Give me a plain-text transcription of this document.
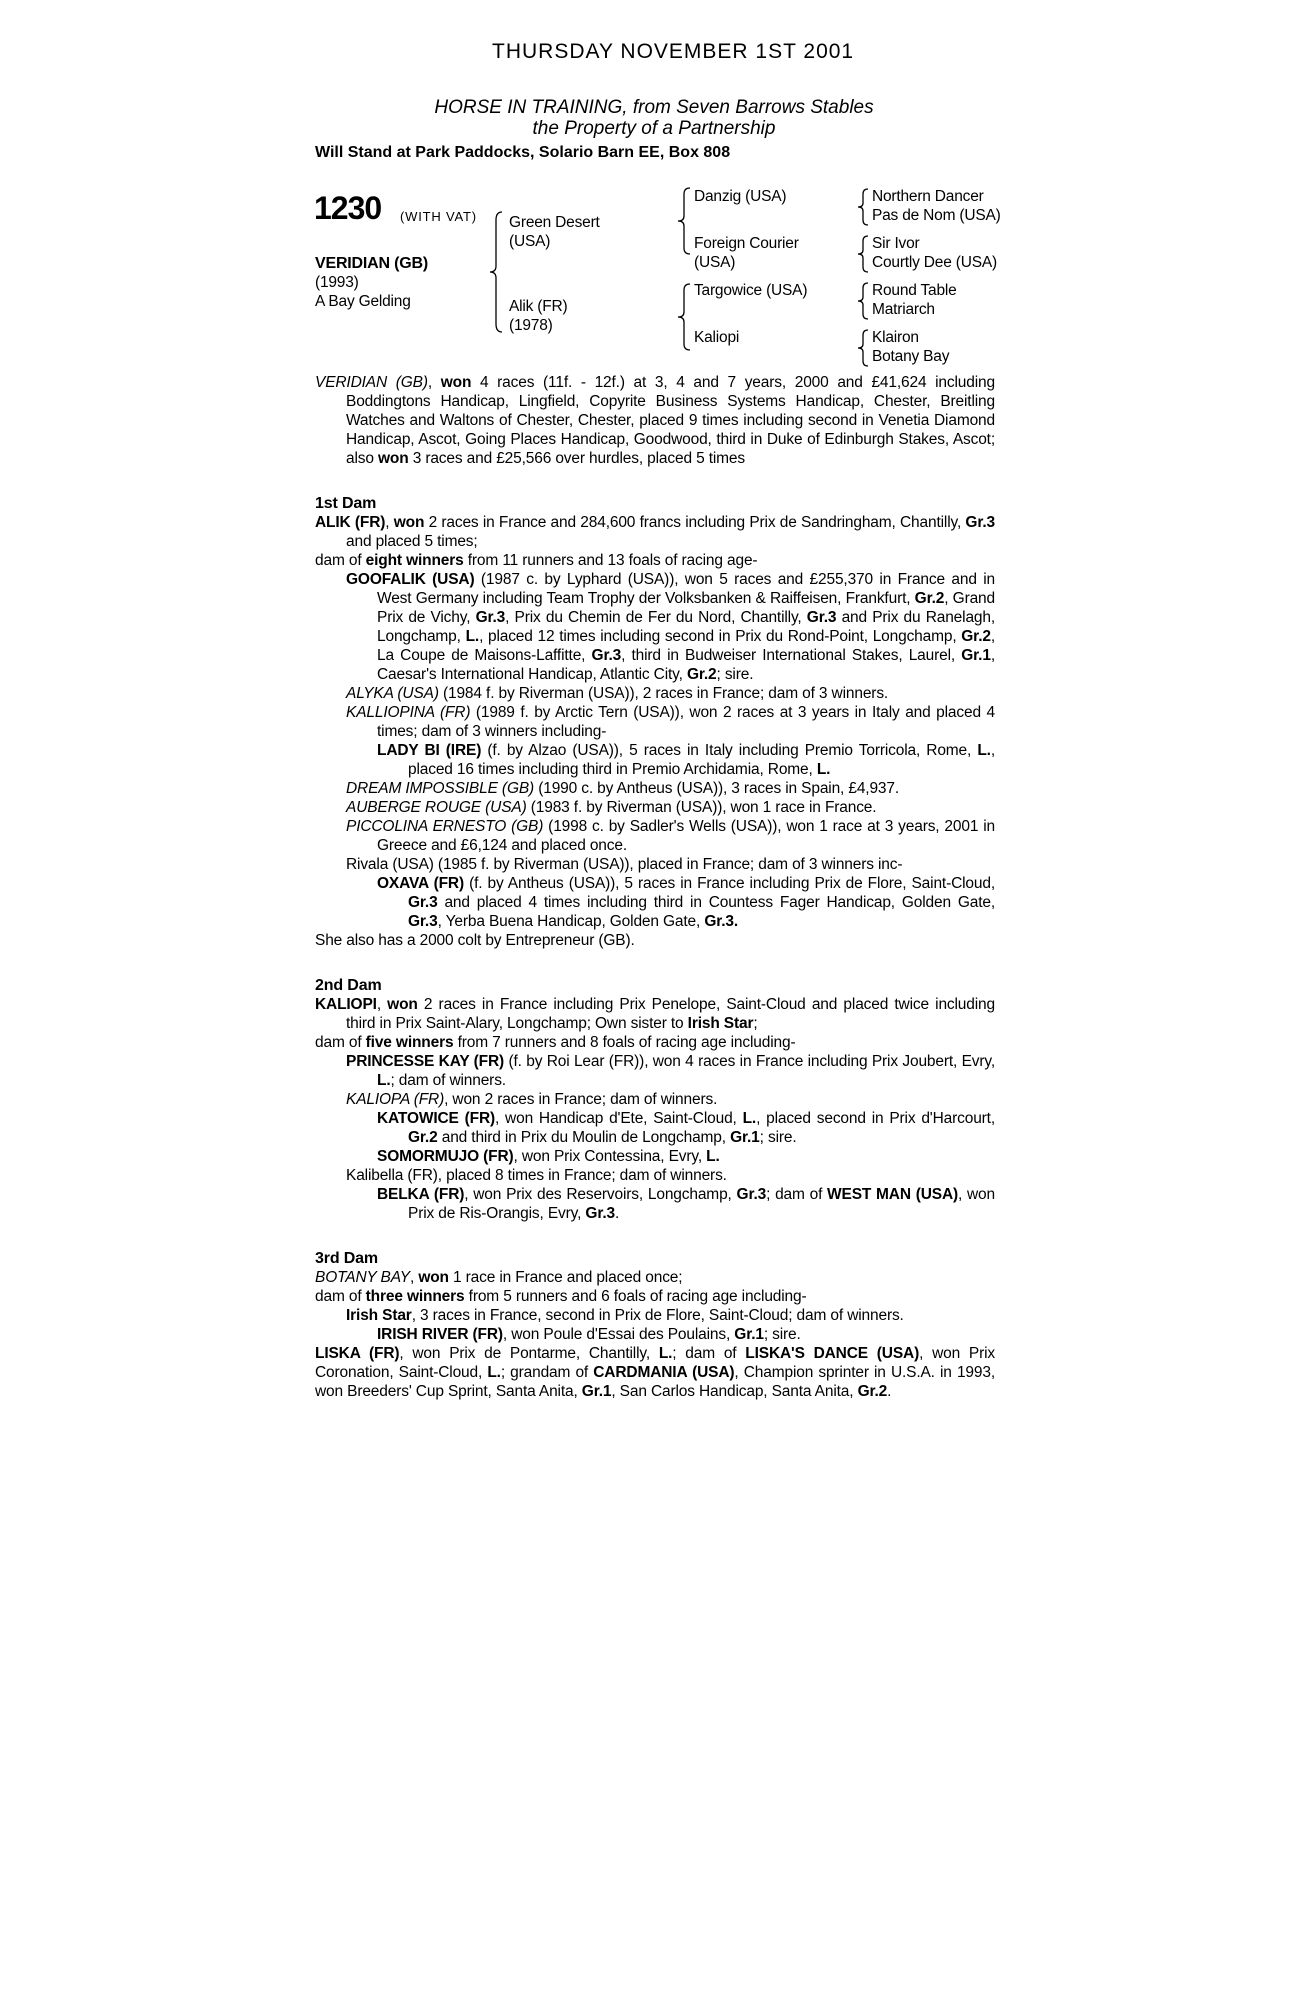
THURSDAY NOVEMBER 1ST 2001
HORSE IN TRAINING, from Seven Barrows Stables
the Property of a Partnership
Will Stand at Park Paddocks, Solario Barn EE, Box 808
1230 (WITH VAT)
VERIDIAN (GB)
(1993)
A Bay Gelding
Green Desert
(USA)
Alik (FR)
(1978)
Danzig (USA)
Foreign Courier
(USA)
Targowice (USA)
Kaliopi
Northern Dancer
Pas de Nom (USA)
Sir Ivor
Courtly Dee (USA)
Round Table
Matriarch
Klairon
Botany Bay

VERIDIAN (GB), won 4 races (11f. - 12f.) at 3, 4 and 7 years, 2000 and £41,624 including Boddingtons Handicap, Lingfield, Copyrite Business Systems Handicap, Chester, Breitling Watches and Waltons of Chester, Chester, placed 9 times including second in Venetia Diamond Handicap, Ascot, Going Places Handicap, Goodwood, third in Duke of Edinburgh Stakes, Ascot; also won 3 races and £25,566 over hurdles, placed 5 times

1st Dam

ALIK (FR), won 2 races in France and 284,600 francs including Prix de Sandringham, Chantilly, Gr.3 and placed 5 times;

dam of eight winners from 11 runners and 13 foals of racing age-

GOOFALIK (USA) (1987 c. by Lyphard (USA)), won 5 races and £255,370 in France and in West Germany including Team Trophy der Volksbanken & Raiffeisen, Frankfurt, Gr.2, Grand Prix de Vichy, Gr.3, Prix du Chemin de Fer du Nord, Chantilly, Gr.3 and Prix du Ranelagh, Longchamp, L., placed 12 times including second in Prix du Rond-Point, Longchamp, Gr.2, La Coupe de Maisons-Laffitte, Gr.3, third in Budweiser International Stakes, Laurel, Gr.1, Caesar's International Handicap, Atlantic City, Gr.2; sire.

ALYKA (USA) (1984 f. by Riverman (USA)), 2 races in France; dam of 3 winners.

KALLIOPINA (FR) (1989 f. by Arctic Tern (USA)), won 2 races at 3 years in Italy and placed 4 times; dam of 3 winners including-

LADY BI (IRE) (f. by Alzao (USA)), 5 races in Italy including Premio Torricola, Rome, L., placed 16 times including third in Premio Archidamia, Rome, L.

DREAM IMPOSSIBLE (GB) (1990 c. by Antheus (USA)), 3 races in Spain, £4,937.

AUBERGE ROUGE (USA) (1983 f. by Riverman (USA)), won 1 race in France.

PICCOLINA ERNESTO (GB) (1998 c. by Sadler's Wells (USA)), won 1 race at 3 years, 2001 in Greece and £6,124 and placed once.

Rivala (USA) (1985 f. by Riverman (USA)), placed in France; dam of 3 winners inc-

OXAVA (FR) (f. by Antheus (USA)), 5 races in France including Prix de Flore, Saint-Cloud, Gr.3 and placed 4 times including third in Countess Fager Handicap, Golden Gate, Gr.3, Yerba Buena Handicap, Golden Gate, Gr.3.

She also has a 2000 colt by Entrepreneur (GB).

2nd Dam

KALIOPI, won 2 races in France including Prix Penelope, Saint-Cloud and placed twice including third in Prix Saint-Alary, Longchamp; Own sister to Irish Star;

dam of five winners from 7 runners and 8 foals of racing age including-

PRINCESSE KAY (FR) (f. by Roi Lear (FR)), won 4 races in France including Prix Joubert, Evry, L.; dam of winners.

KALIOPA (FR), won 2 races in France; dam of winners.

KATOWICE (FR), won Handicap d'Ete, Saint-Cloud, L., placed second in Prix d'Harcourt, Gr.2 and third in Prix du Moulin de Longchamp, Gr.1; sire.

SOMORMUJO (FR), won Prix Contessina, Evry, L.

Kalibella (FR), placed 8 times in France; dam of winners.

BELKA (FR), won Prix des Reservoirs, Longchamp, Gr.3; dam of WEST MAN (USA), won Prix de Ris-Orangis, Evry, Gr.3.

3rd Dam

BOTANY BAY, won 1 race in France and placed once;

dam of three winners from 5 runners and 6 foals of racing age including-

Irish Star, 3 races in France, second in Prix de Flore, Saint-Cloud; dam of winners.

IRISH RIVER (FR), won Poule d'Essai des Poulains, Gr.1; sire.

LISKA (FR), won Prix de Pontarme, Chantilly, L.; dam of LISKA'S DANCE (USA), won Prix Coronation, Saint-Cloud, L.; grandam of CARDMANIA (USA), Champion sprinter in U.S.A. in 1993, won Breeders' Cup Sprint, Santa Anita, Gr.1, San Carlos Handicap, Santa Anita, Gr.2.
